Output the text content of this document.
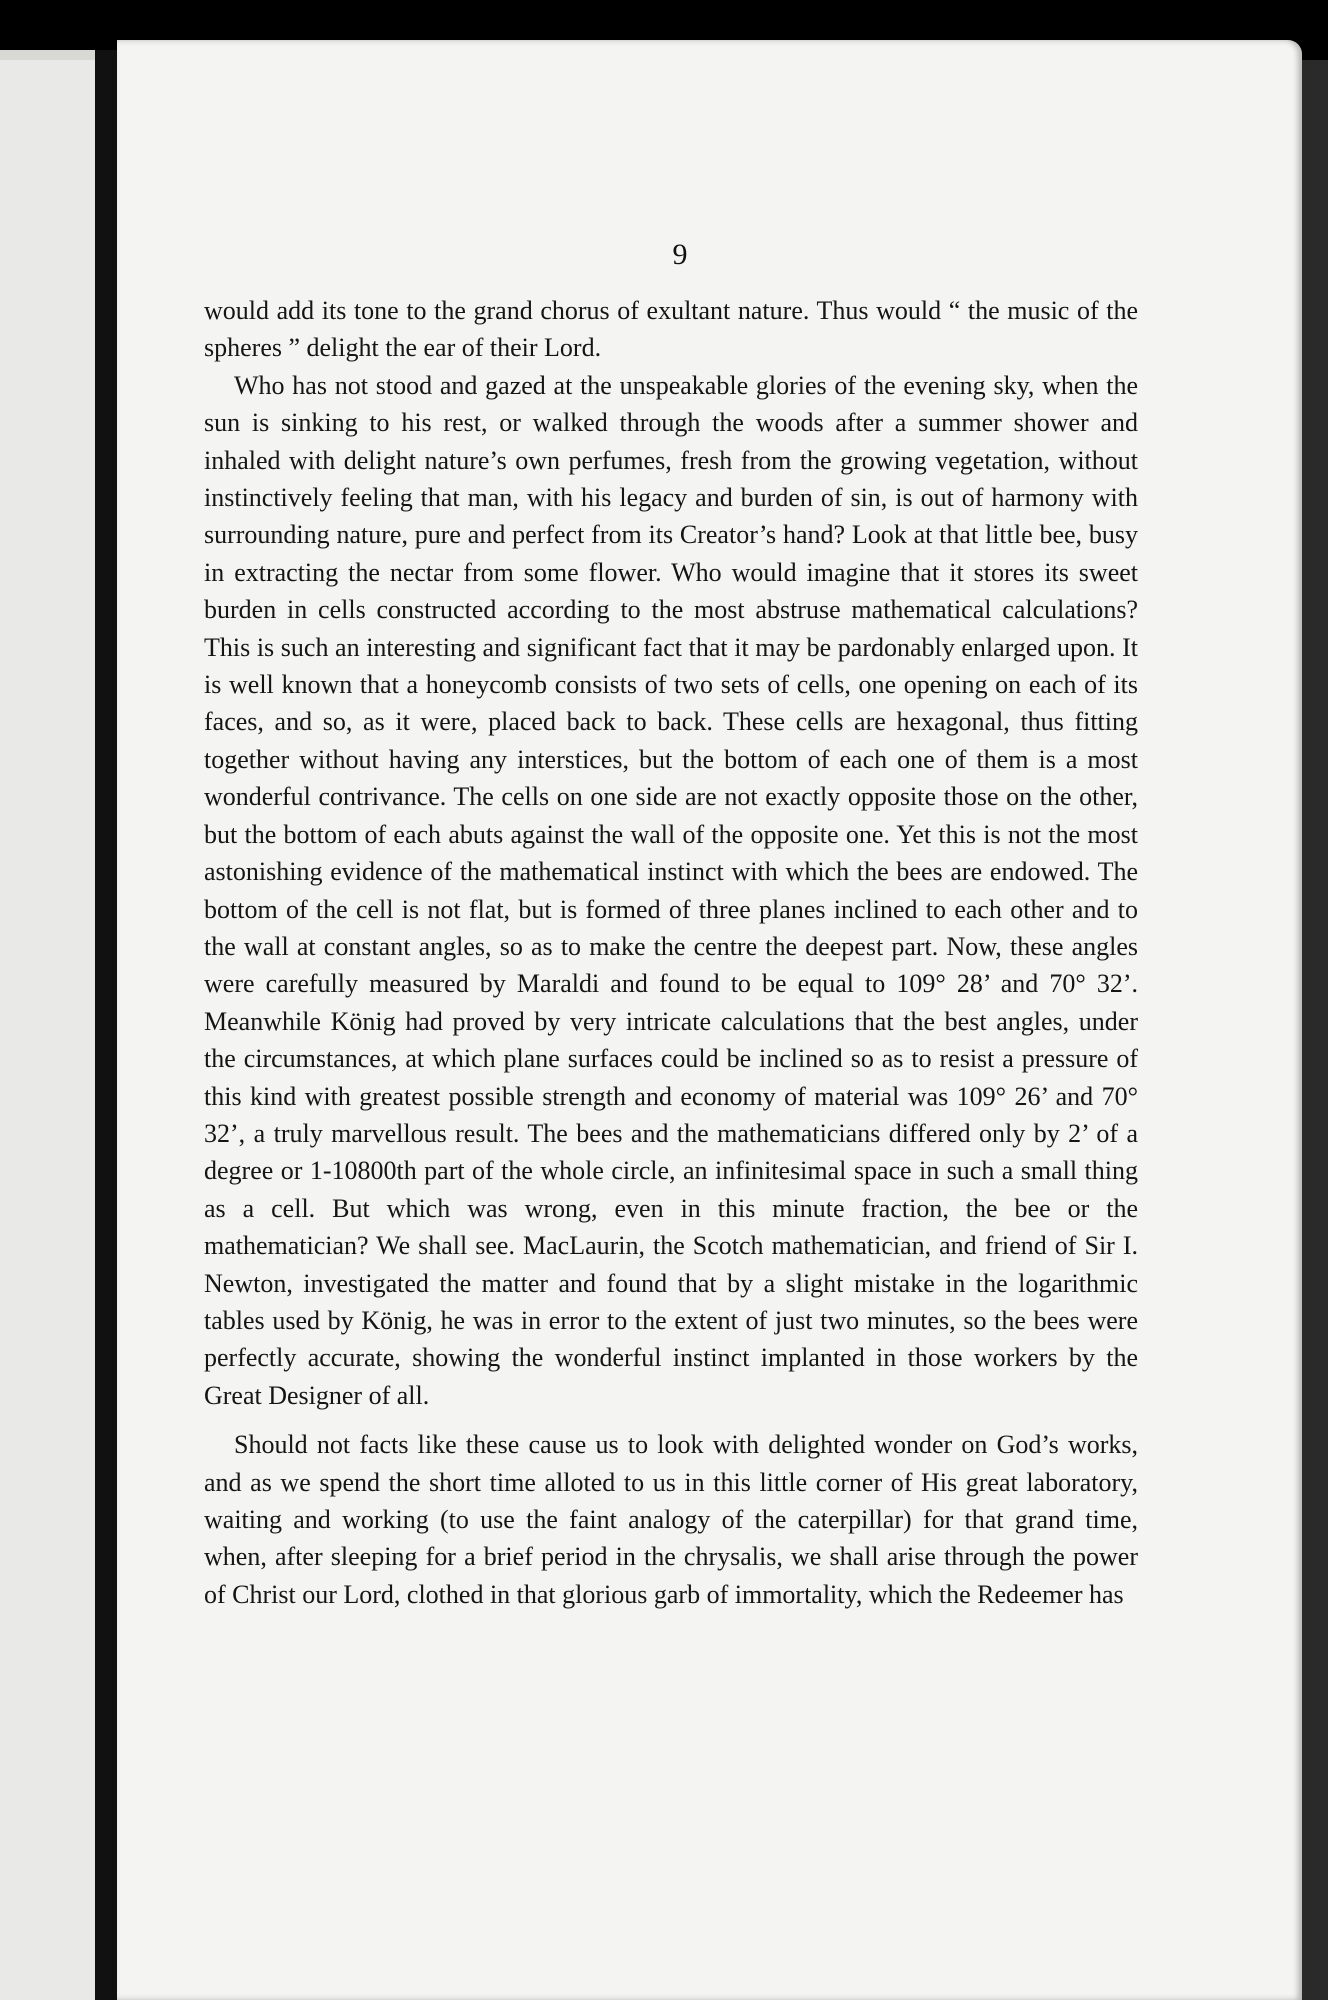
9

would add its tone to the grand chorus of exultant nature. Thus would “ the music of the spheres ” delight the ear of their Lord.

Who has not stood and gazed at the unspeakable glories of the evening sky, when the sun is sinking to his rest, or walked through the woods after a summer shower and inhaled with delight nature’s own perfumes, fresh from the growing vegetation, without instinctively feeling that man, with his legacy and burden of sin, is out of harmony with surrounding nature, pure and perfect from its Creator’s hand? Look at that little bee, busy in extracting the nectar from some flower. Who would imagine that it stores its sweet burden in cells constructed according to the most abstruse mathematical calculations? This is such an interesting and significant fact that it may be pardonably enlarged upon. It is well known that a honeycomb consists of two sets of cells, one opening on each of its faces, and so, as it were, placed back to back. These cells are hexagonal, thus fitting together without having any interstices, but the bottom of each one of them is a most wonderful contrivance. The cells on one side are not exactly opposite those on the other, but the bottom of each abuts against the wall of the opposite one. Yet this is not the most astonishing evidence of the mathematical instinct with which the bees are endowed. The bottom of the cell is not flat, but is formed of three planes inclined to each other and to the wall at constant angles, so as to make the centre the deepest part. Now, these angles were carefully measured by Maraldi and found to be equal to 109° 28’ and 70° 32’. Meanwhile König had proved by very intricate calculations that the best angles, under the circumstances, at which plane surfaces could be inclined so as to resist a pressure of this kind with greatest possible strength and economy of material was 109° 26’ and 70° 32’, a truly marvellous result. The bees and the mathematicians differed only by 2’ of a degree or 1-10800th part of the whole circle, an infinitesimal space in such a small thing as a cell. But which was wrong, even in this minute fraction, the bee or the mathematician? We shall see. MacLaurin, the Scotch mathematician, and friend of Sir I. Newton, investigated the matter and found that by a slight mistake in the logarithmic tables used by König, he was in error to the extent of just two minutes, so the bees were perfectly accurate, showing the wonderful instinct implanted in those workers by the Great Designer of all.

Should not facts like these cause us to look with delighted wonder on God’s works, and as we spend the short time alloted to us in this little corner of His great laboratory, waiting and working (to use the faint analogy of the caterpillar) for that grand time, when, after sleeping for a brief period in the chrysalis, we shall arise through the power of Christ our Lord, clothed in that glorious garb of immortality, which the Redeemer has
